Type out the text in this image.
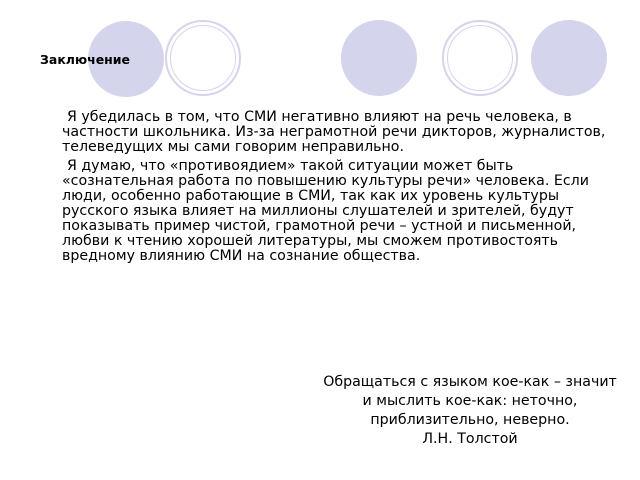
Заключение

Я убедилась в том, что СМИ негативно влияют на речь человека, в частности школьника. Из-за неграмотной речи дикторов, журналистов, телеведущих мы сами говорим неправильно.

Я думаю, что «противоядием» такой ситуации может быть «сознательная работа по повышению культуры речи» человека. Если люди, особенно работающие в СМИ, так как их уровень культуры русского языка влияет на миллионы слушателей и зрителей, будут показывать пример чистой, грамотной речи – устной и письменной, любви к чтению хорошей литературы, мы сможем противостоять вредному влиянию СМИ на сознание общества.

Обращаться с языком кое-как – значит
и мыслить кое-как: неточно,
приблизительно, неверно.
Л.Н. Толстой
